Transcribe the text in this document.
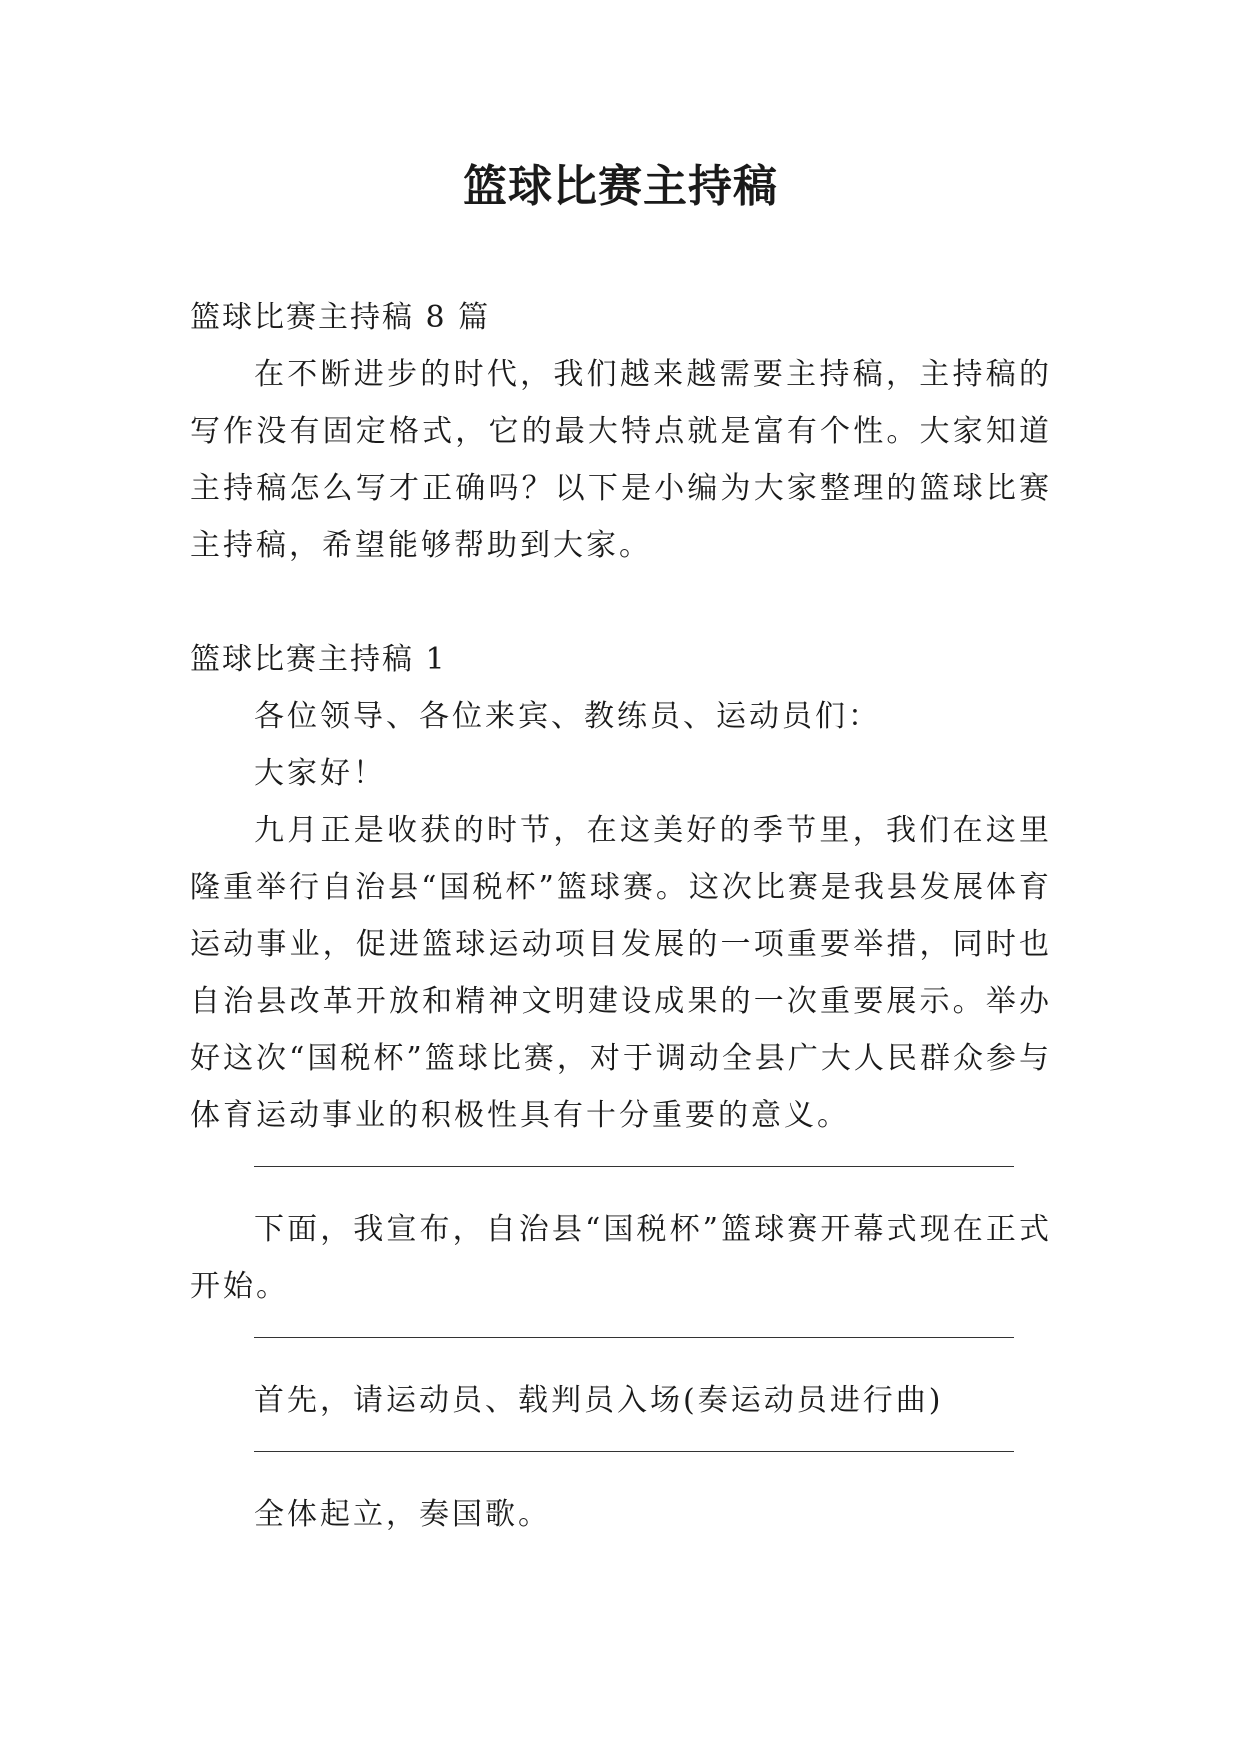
篮球比赛主持稿

篮球比赛主持稿 8 篇

在不断进步的时代，我们越来越需要主持稿，主持稿的写作没有固定格式，它的最大特点就是富有个性。大家知道主持稿怎么写才正确吗？以下是小编为大家整理的篮球比赛主持稿，希望能够帮助到大家。

篮球比赛主持稿 1

各位领导、各位来宾、教练员、运动员们：

大家好！

九月正是收获的时节，在这美好的季节里，我们在这里隆重举行自治县“国税杯”篮球赛。这次比赛是我县发展体育运动事业，促进篮球运动项目发展的一项重要举措，同时也自治县改革开放和精神文明建设成果的一次重要展示。举办好这次“国税杯”篮球比赛，对于调动全县广大人民群众参与体育运动事业的积极性具有十分重要的意义。

下面，我宣布，自治县“国税杯”篮球赛开幕式现在正式开始。

首先，请运动员、载判员入场(奏运动员进行曲)

全体起立，奏国歌。
